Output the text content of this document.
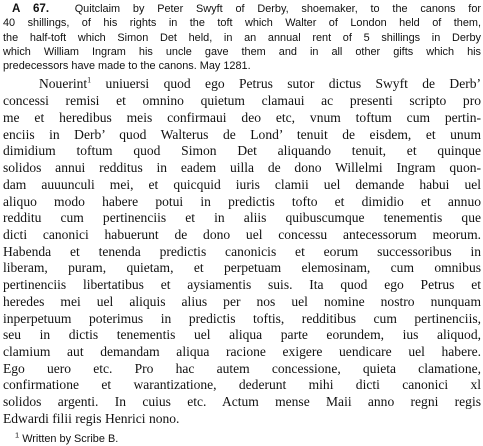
A 67. Quitclaim by Peter Swyft of Derby, shoemaker, to the canons for
40 shillings, of his rights in the toft which Walter of London held of them,
the half-toft which Simon Det held, in an annual rent of 5 shillings in Derby
which William Ingram his uncle gave them and in all other gifts which his
predecessors have made to the canons. May 1281.
Nouerint$^1$ uniuersi quod ego Petrus sutor dictus Swyft de Derb’
concessi remisi et omnino quietum clamaui ac presenti scripto pro
me et heredibus meis confirmaui deo etc, vnum toftum cum pertin-
enciis in Derb’ quod Walterus de Lond’ tenuit de eisdem, et unum
dimidium toftum quod Simon Det aliquando tenuit, et quinque
solidos annui redditus in eadem uilla de dono Willelmi Ingram quon-
dam auuunculi mei, et quicquid iuris clamii uel demande habui uel
aliquo modo habere potui in predictis tofto et dimidio et annuo
redditu cum pertinenciis et in aliis quibuscumque tenementis que
dicti canonici habuerunt de dono uel concessu antecessorum meorum.
Habenda et tenenda predictis canonicis et eorum successoribus in
liberam, puram, quietam, et perpetuam elemosinam, cum omnibus
pertinenciis libertatibus et aysiamentis suis. Ita quod ego Petrus et
heredes mei uel aliquis alius per nos uel nomine nostro nunquam
inperpetuum poterimus in predictis toftis, redditibus cum pertinenciis,
seu in dictis tenementis uel aliqua parte eorundem, ius aliquod,
clamium aut demandam aliqua racione exigere uendicare uel habere.
Ego uero etc. Pro hac autem concessione, quieta clamatione,
confirmatione et warantizatione, dederunt mihi dicti canonici xl
solidos argenti. In cuius etc. Actum mense Maii anno regni regis
Edwardi filii regis Henrici nono.
$^1$ Written by Scribe B.
